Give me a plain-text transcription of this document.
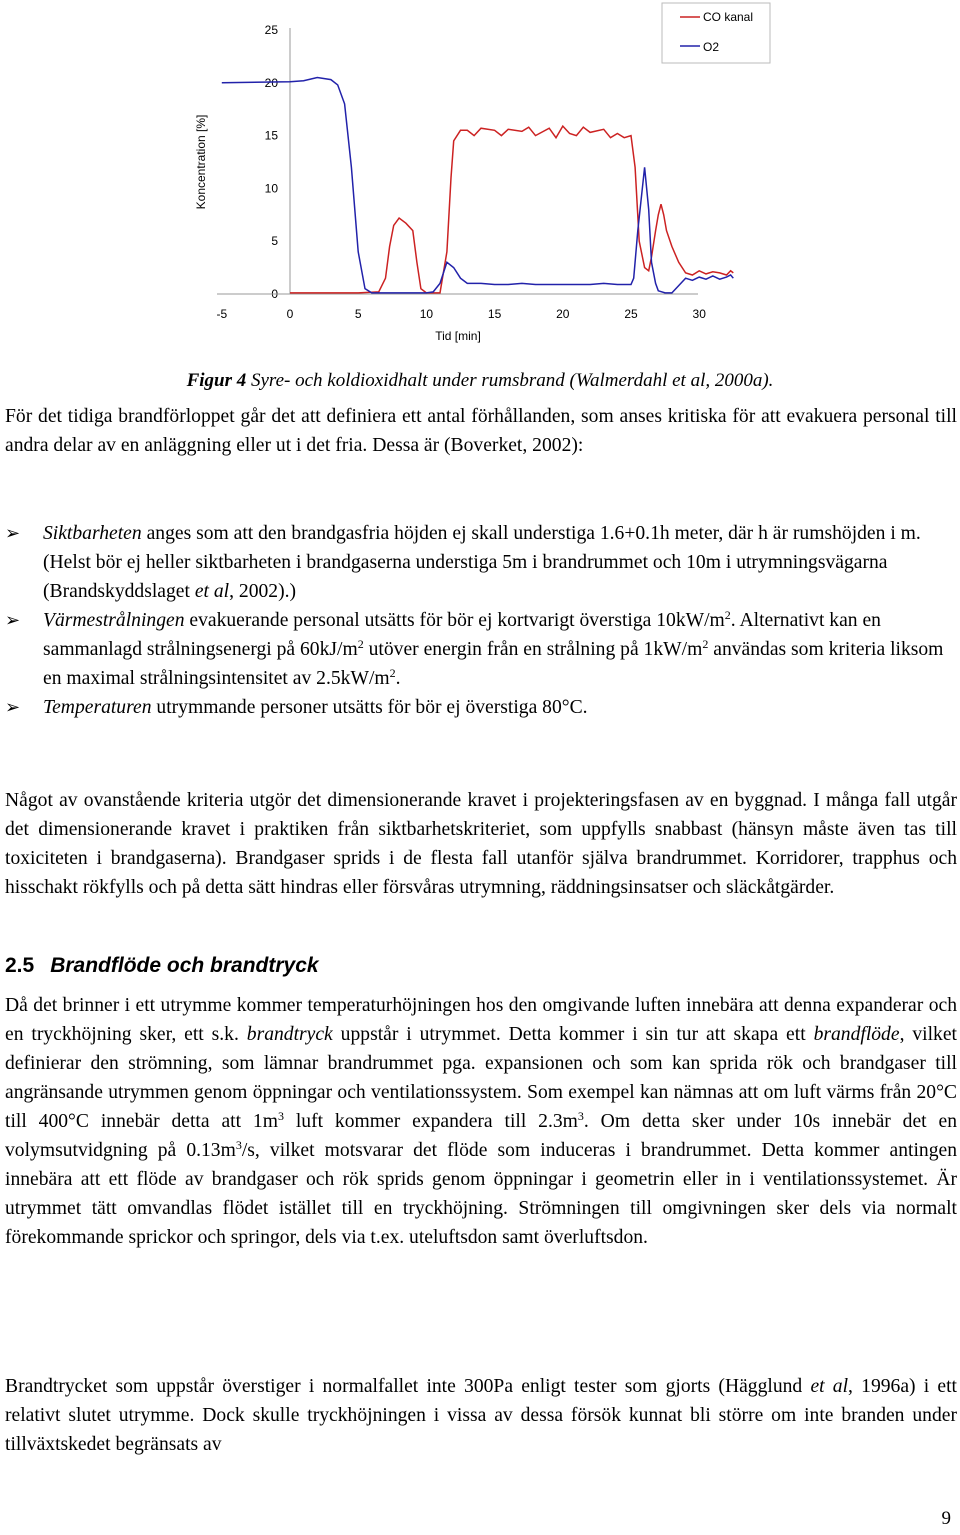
0
5
10
15
20
25
-5	0	5	10	15	20	25	30
Koncentration [%]
Tid [min]
CO kanal
O2
Figur 4 Syre- och koldioxidhalt under rumsbrand (Walmerdahl et al, 2000a).
För det tidiga brandförloppet går det att definiera ett antal förhållanden, som anses kritiska för att evakuera personal till andra delar av en anläggning eller ut i det fria. Dessa är (Boverket, 2002):
➢ Siktbarheten anges som att den brandgasfria höjden ej skall understiga 1.6+0.1h meter, där h är rumshöjden i m. (Helst bör ej heller siktbarheten i brandgaserna understiga 5m i brandrummet och 10m i utrymningsvägarna (Brandskyddslaget et al, 2002).)
➢ Värmestrålningen evakuerande personal utsätts för bör ej kortvarigt överstiga $10kW/m^2$. Alternativt kan en sammanlagd strålningsenergi på $60kJ/m^2$ utöver energin från en strålning på $1kW/m^2$ användas som kriteria liksom en maximal strålningsintensitet av $2.5kW/m^2$.
➢ Temperaturen utrymmande personer utsätts för bör ej överstiga 80°C.
Något av ovanstående kriteria utgör det dimensionerande kravet i projekteringsfasen av en byggnad. I många fall utgår det dimensionerande kravet i praktiken från siktbarhetskriteriet, som uppfylls snabbast (hänsyn måste även tas till toxiciteten i brandgaserna). Brandgaser sprids i de flesta fall utanför själva brandrummet. Korridorer, trapphus och hisschakt rökfylls och på detta sätt hindras eller försvåras utrymning, räddningsinsatser och släckåtgärder.
2.5 Brandflöde och brandtryck
Då det brinner i ett utrymme kommer temperaturhöjningen hos den omgivande luften innebära att denna expanderar och en tryckhöjning sker, ett s.k. brandtryck uppstår i utrymmet. Detta kommer i sin tur att skapa ett brandflöde, vilket definierar den strömning, som lämnar brandrummet pga. expansionen och som kan sprida rök och brandgaser till angränsande utrymmen genom öppningar och ventilationssystem. Som exempel kan nämnas att om luft värms från 20°C till 400°C innebär detta att $1m^3$ luft kommer expandera till $2.3m^3$. Om detta sker under 10s innebär det en volymsutvidgning på $0.13m^3/s$, vilket motsvarar det flöde som induceras i brandrummet. Detta kommer antingen innebära att ett flöde av brandgaser och rök sprids genom öppningar i geometrin eller in i ventilationssystemet. Är utrymmet tätt omvandlas flödet istället till en tryckhöjning. Strömningen till omgivningen sker dels via normalt förekommande sprickor och springor, dels via t.ex. uteluftsdon samt överluftsdon.
Brandtrycket som uppstår överstiger i normalfallet inte 300Pa enligt tester som gjorts (Hägglund et al, 1996a) i ett relativt slutet utrymme. Dock skulle tryckhöjningen i vissa av dessa försök kunnat bli större om inte branden under tillväxtskedet begränsats av
9
